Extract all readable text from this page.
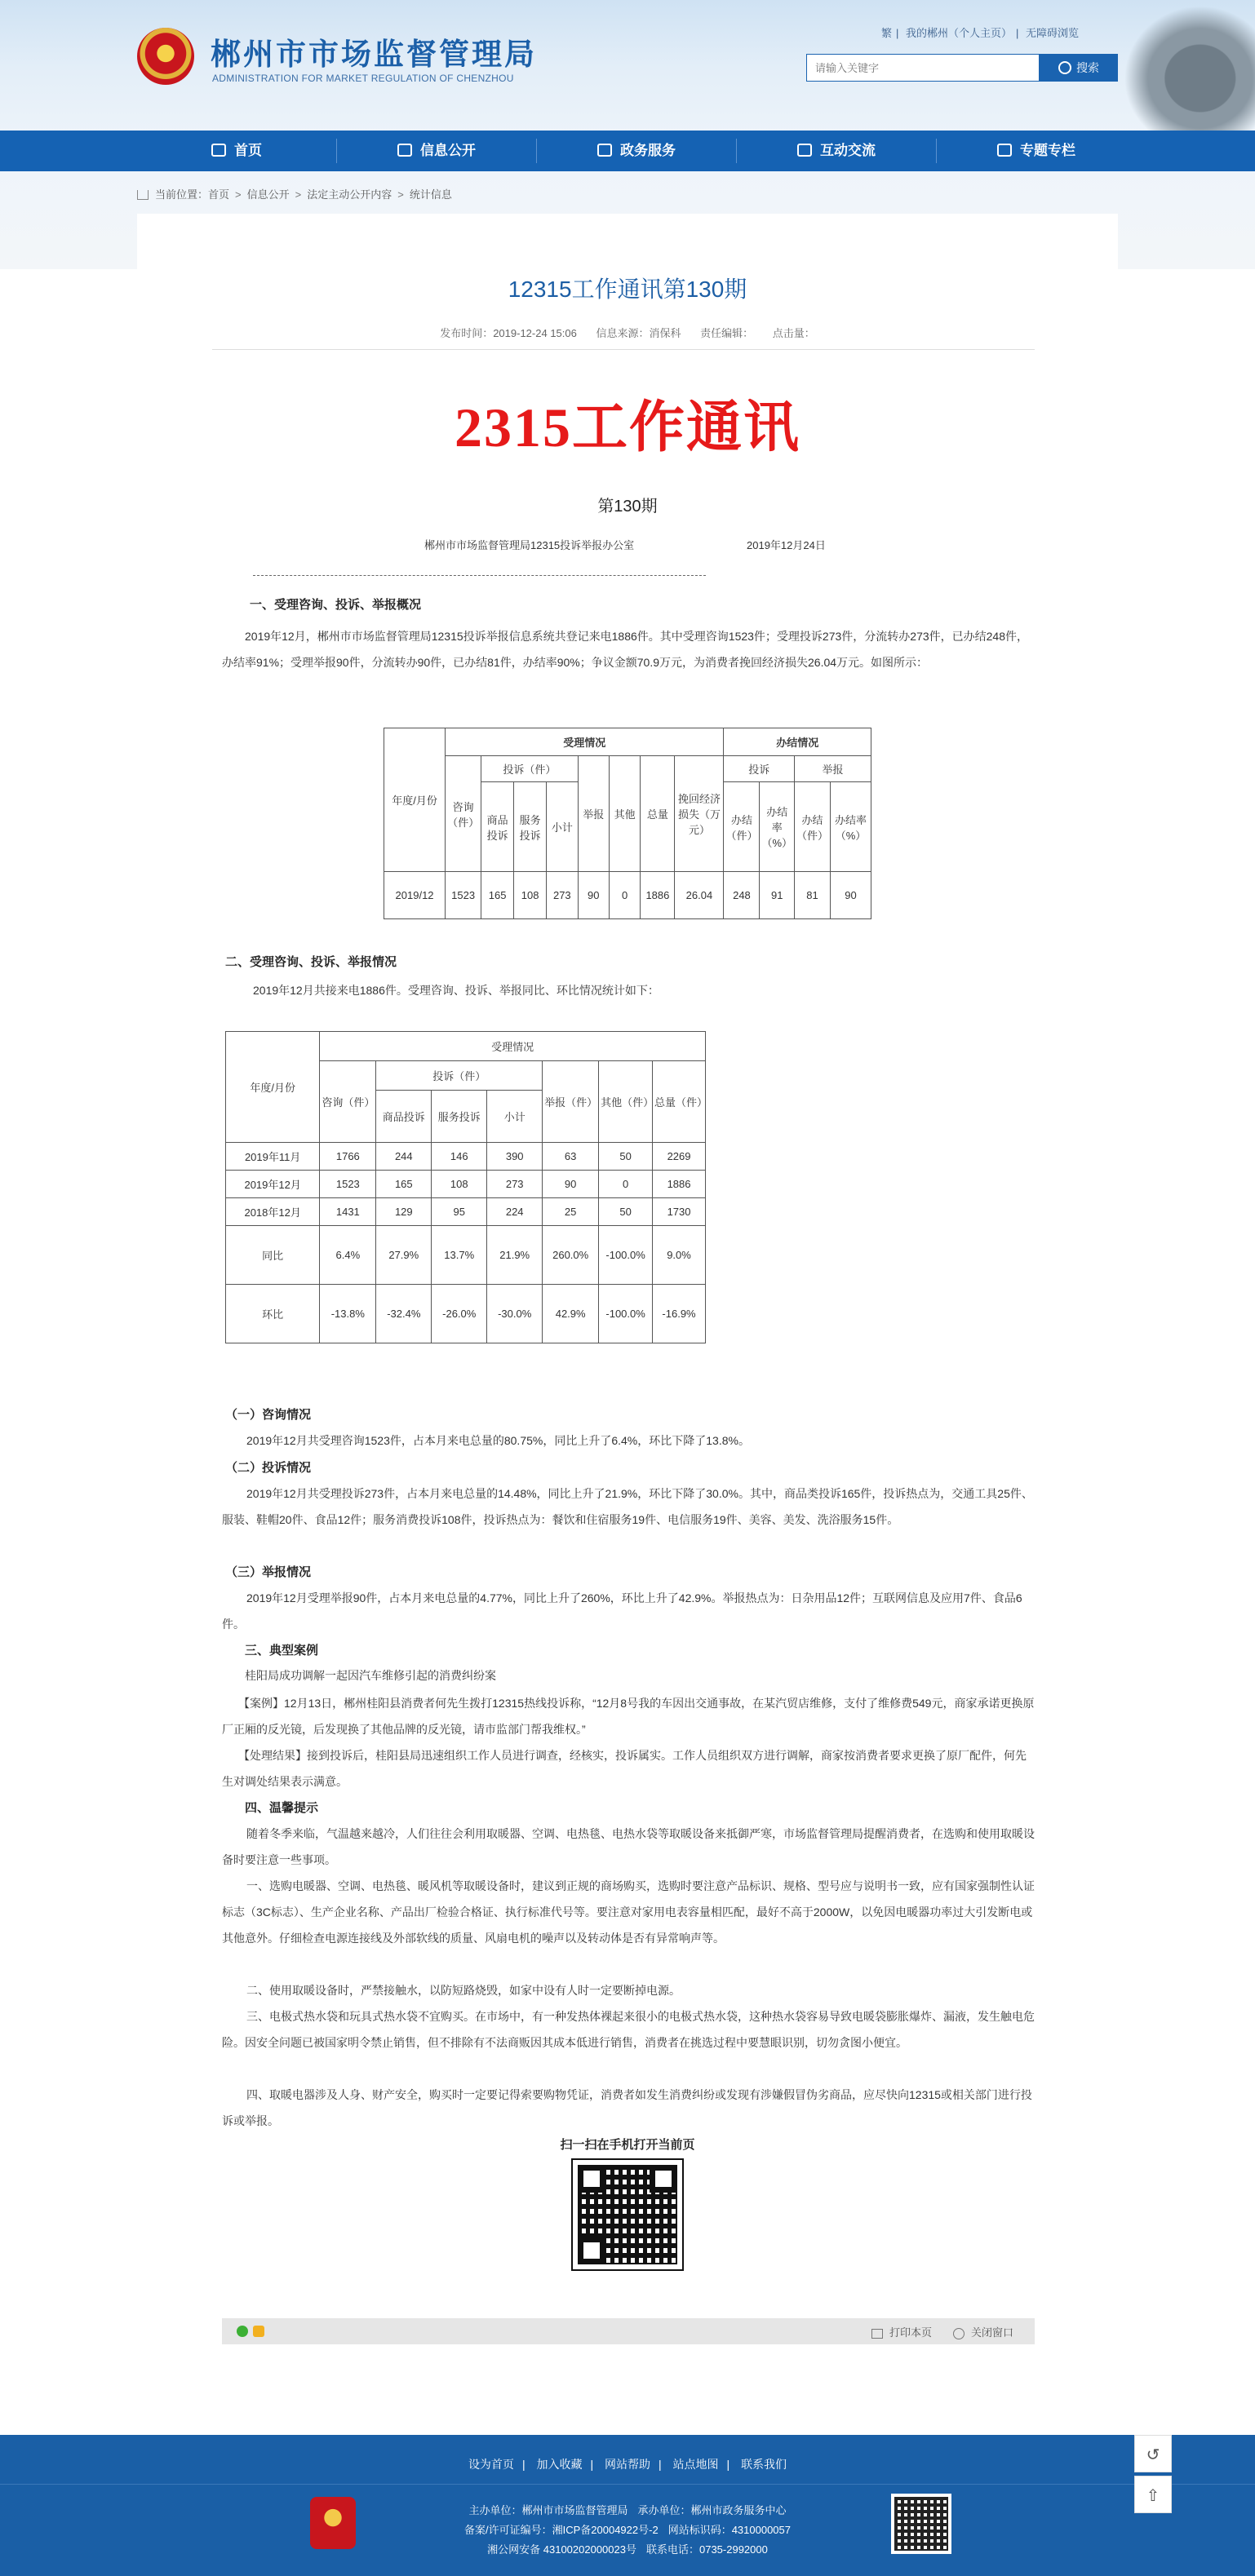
郴州市市场监督管理局
ADMINISTRATION FOR MARKET REGULATION OF CHENZHOU
繁 | 我的郴州（个人主页） | 无障碍浏览
请输入关键字
搜索
首页	信息公开	政务服务	互动交流	专题专栏
当前位置：首页 > 信息公开 > 法定主动公开内容 > 统计信息
12315工作通讯第130期
发布时间：2019-12-24 15:06 信息来源：消保科 责任编辑： 点击量：
2315工作通讯
第130期
郴州市市场监督管理局12315投诉举报办公室	2019年12月24日
一、受理咨询、投诉、举报概况
2019年12月，郴州市市场监督管理局12315投诉举报信息系统共登记来电1886件。其中受理咨询1523件；受理投诉273件，分流转办273件，已办结248件，办结率91%；受理举报90件，分流转办90件，已办结81件，办结率90%；争议金额70.9万元，为消费者挽回经济损失26.04万元。如图所示：
年度/月份	受理情况								办结情况			
	咨询（件）	投诉（件）			举报	其他	总量	挽回经济损失（万元）	投诉		举报	
		商品投诉	服务投诉	小计					办结（件）	办结率（%）	办结（件）	办结率（%）
2019/12	1523	165	108	273	90	0	1886	26.04	248	91	81	90
二、受理咨询、投诉、举报情况
2019年12月共接来电1886件。受理咨询、投诉、举报同比、环比情况统计如下：
年度/月份	受理情况						
	咨询（件）	投诉（件）			举报（件）	其他（件）	总量（件）
		商品投诉	服务投诉	小计			
2019年11月	1766	244	146	390	63	50	2269
2019年12月	1523	165	108	273	90	0	1886
2018年12月	1431	129	95	224	25	50	1730
同比	6.4%	27.9%	13.7%	21.9%	260.0%	-100.0%	9.0%
环比	-13.8%	-32.4%	-26.0%	-30.0%	42.9%	-100.0%	-16.9%
（一）咨询情况
2019年12月共受理咨询1523件，占本月来电总量的80.75%，同比上升了6.4%，环比下降了13.8%。
（二）投诉情况
2019年12月共受理投诉273件，占本月来电总量的14.48%，同比上升了21.9%，环比下降了30.0%。其中，商品类投诉165件，投诉热点为，交通工具25件、服装、鞋帽20件、食品12件；服务消费投诉108件，投诉热点为：餐饮和住宿服务19件、电信服务19件、美容、美发、洗浴服务15件。
（三）举报情况
2019年12月受理举报90件，占本月来电总量的4.77%，同比上升了260%，环比上升了42.9%。举报热点为：日杂用品12件；互联网信息及应用7件、食品6件。
三、典型案例
桂阳局成功调解一起因汽车维修引起的消费纠纷案
【案例】12月13日，郴州桂阳县消费者何先生拨打12315热线投诉称，“12月8号我的车因出交通事故，在某汽贸店维修，支付了维修费549元，商家承诺更换原厂正厢的反光镜，后发现换了其他品牌的反光镜，请市监部门帮我维权。”
【处理结果】接到投诉后，桂阳县局迅速组织工作人员进行调查，经核实，投诉属实。工作人员组织双方进行调解，商家按消费者要求更换了原厂配件，何先生对调处结果表示满意。
四、温馨提示
随着冬季来临，气温越来越冷，人们往往会利用取暖器、空调、电热毯、电热水袋等取暖设备来抵御严寒，市场监督管理局提醒消费者，在选购和使用取暖设备时要注意一些事项。
一、选购电暖器、空调、电热毯、暖风机等取暖设备时，建议到正规的商场购买，选购时要注意产品标识、规格、型号应与说明书一致，应有国家强制性认证标志（3C标志）、生产企业名称、产品出厂检验合格证、执行标准代号等。要注意对家用电表容量相匹配，最好不高于2000W，以免因电暖器功率过大引发断电或其他意外。仔细检查电源连接线及外部软线的质量、风扇电机的噪声以及转动体是否有异常响声等。
二、使用取暖设备时，严禁接触水，以防短路烧毁，如家中设有人时一定要断掉电源。
三、电极式热水袋和玩具式热水袋不宜购买。在市场中，有一种发热体裸起来很小的电极式热水袋，这种热水袋容易导致电暖袋膨胀爆炸、漏液，发生触电危险。因安全问题已被国家明令禁止销售，但不排除有不法商贩因其成本低进行销售，消费者在挑选过程中要慧眼识别，切勿贪图小便宜。
四、取暖电器涉及人身、财产安全，购买时一定要记得索要购物凭证，消费者如发生消费纠纷或发现有涉嫌假冒伪劣商品，应尽快向12315或相关部门进行投诉或举报。
扫一扫在手机打开当前页
打印本页	关闭窗口
设为首页 | 加入收藏 | 网站帮助 | 站点地图 | 联系我们
主办单位：郴州市市场监督管理局 承办单位：郴州市政务服务中心
备案/许可证编号：湘ICP备20004922号-2 网站标识码：4310000057
湘公网安备 43100202000023号 联系电话：0735-2992000
↺
⇧
